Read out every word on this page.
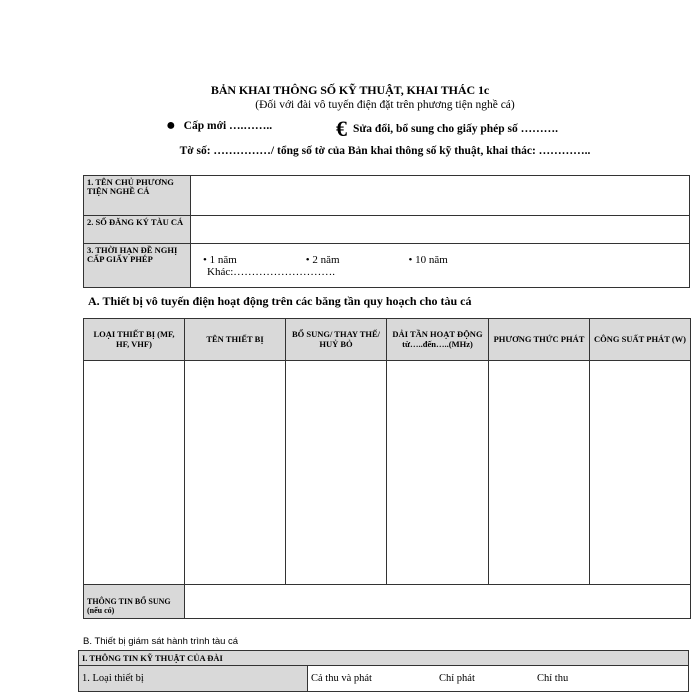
BẢN KHAI THÔNG SỐ KỸ THUẬT, KHAI THÁC 1c
(Đối với đài vô tuyến điện đặt trên phương tiện nghề cá)
● Cấp mới ….……..	€ Sửa đổi, bổ sung cho giấy phép số ……….
Tờ số: ……………/ tổng số tờ của Bản khai thông số kỹ thuật, khai thác: …………..
1. TÊN CHỦ PHƯƠNG TIỆN NGHỀ CÁ	
2. SỐ ĐĂNG KÝ TÀU CÁ	
3. THỜI HẠN ĐỀ NGHỊ CẤP GIẤY PHÉP	• 1 năm • 2 năm • 10 năm
Khác:……………………….
A. Thiết bị vô tuyến điện hoạt động trên các băng tần quy hoạch cho tàu cá
LOẠI THIẾT BỊ (MF, HF, VHF)	TÊN THIẾT BỊ	BỔ SUNG/ THAY THẾ/ HUỶ BỎ	DẢI TẦN HOẠT ĐỘNG
từ…..đến…..(MHz)	PHƯƠNG THỨC PHÁT	CÔNG SUẤT PHÁT (W)

THÔNG TIN BỔ SUNG (nếu có)					
B. Thiết bị giám sát hành trình tàu cá
I. THÔNG TIN KỸ THUẬT CỦA ĐÀI
1. Loại thiết bị	Cả thu và phát	Chỉ phát	Chỉ thu
